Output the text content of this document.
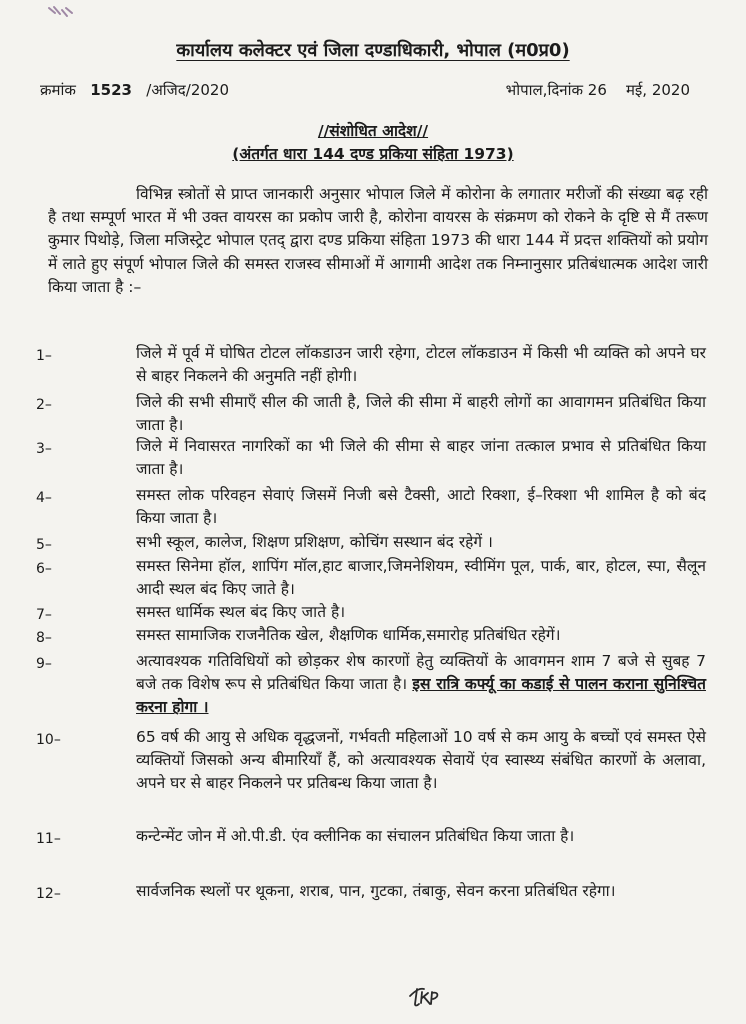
कार्यालय कलेक्टर एवं जिला दण्डाधिकारी, भोपाल (म0प्र0)
क्रमांक 1523 /अजिद/2020	भोपाल,दिनांक 26    मई, 2020
//संशोधित आदेश//
(अंतर्गत धारा 144 दण्ड प्रकिया संहिता 1973)
विभिन्न स्त्रोतों से प्राप्त जानकारी अनुसार भोपाल जिले में कोरोना के लगातार मरीजों की संख्या बढ़ रही है तथा सम्पूर्ण भारत में भी उक्त वायरस का प्रकोप जारी है, कोरोना वायरस के संक्रमण को रोकने के दृष्टि से मैं तरूण कुमार पिथोड़े, जिला मजिस्ट्रेट भोपाल एतद् द्वारा दण्ड प्रकिया संहिता 1973 की धारा 144 में प्रदत्त शक्तियों को प्रयोग में लाते हुए संपूर्ण भोपाल जिले की समस्त राजस्व सीमाओं में आगामी आदेश तक निम्नानुसार प्रतिबंधात्मक आदेश जारी किया जाता है :–
1–	जिले में पूर्व में घोषित टोटल लॉकडाउन जारी रहेगा, टोटल लॉकडाउन में किसी भी व्यक्ति को अपने घर से बाहर निकलने की अनुमति नहीं होगी।
2–	जिले की सभी सीमाऍं सील की जाती है, जिले की सीमा में बाहरी लोगों का आवागमन प्रतिबंधित किया जाता है।
3–	जिले में निवासरत नागरिकों का भी जिले की सीमा से बाहर जांना तत्काल प्रभाव से प्रतिबंधित किया जाता है।
4–	समस्त लोक परिवहन सेवाएं जिसमें निजी बसे टैक्सी, आटो रिक्श‍ा, ई–रिक्शा भी शामिल है को बंद किया जाता है।
5–	सभी स्कूल, कालेज, शिक्षण प्रशिक्षण, कोचिंग सस्थान बंद रहेगें ।
6–	समस्त सिनेमा हॉल, शापिंग मॉल,हाट बाजार,जिमनेशियम, स्वीमिंग पूल, पार्क, बार, होटल, स्पा, सैलून आदी स्थल बंद किए जाते है।
7–	समस्त धार्मिक स्थल बंद किए जाते है।
8–	समस्त सामाजिक राजनैतिक खेल, शैक्षणिक धार्मिक,समारोह प्रतिबंधित रहेगें।
9–	अत्यावश्यक गतिविधियों को छोड़कर शेष कारणों हेतु व्यक्तियों के आवगमन शाम 7 बजे से सुबह 7 बजे तक विशेष रूप से प्रतिबंधित किया जाता है। इस रात्रि कर्फ्यू का कडाई से पालन कराना सुनिश्चित करना होगा ।
10–	65 वर्ष की आयु से अधिक वृद्धजनों, गर्भवती महिलाओं 10 वर्ष से कम आयु के बच्चों एवं समस्त ऐसे व्यक्तियों जिसको अन्य बीमारियॉं हैं, को अत्यावश्यक सेवायें एंव स्वास्थ्य संबंधित कारणों के अलावा, अपने घर से बाहर निकलने पर प्रतिबन्ध किया जाता है।
11–	कन्टेन्मेंट जोन में ओ.पी.डी. एंव क्लीनिक का संचालन प्रतिबंधित किया जाता है।
12–	सार्वजनिक स्थलों पर थूकना, शराब, पान, गुटका, तंबाकु, सेवन करना प्रतिबंधित रहेगा।
